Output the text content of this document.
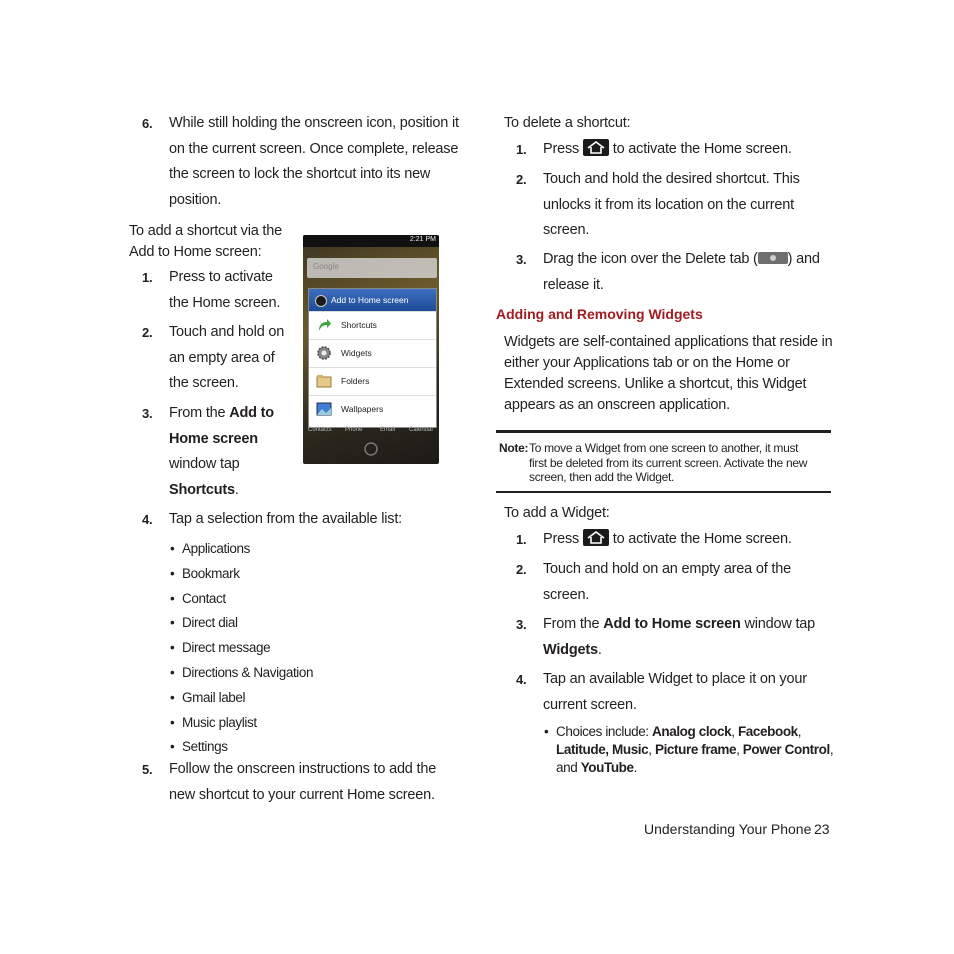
6. While still holding the onscreen icon, position it
on the current screen. Once complete, release
the screen to lock the shortcut into its new
position.
To add a shortcut via the
Add to Home screen:
1. Press to activate
the Home screen.
2. Touch and hold on
an empty area of
the screen.
3. From the Add to
Home screen
window tap
Shortcuts.
4. Tap a selection from the available list:
• Applications
• Bookmark
• Contact
• Direct dial
• Direct message
• Directions & Navigation
• Gmail label
• Music playlist
• Settings
5. Follow the onscreen instructions to add the
new shortcut to your current Home screen.
2:21 PM
Google
Add to Home screen
Shortcuts
Widgets
Folders
Wallpapers
Contacts Phone	Email Calendar
To delete a shortcut:
1. Press to activate the Home screen.
2. Touch and hold the desired shortcut. This
unlocks it from its location on the current
screen.
3. Drag the icon over the Delete tab ( ) and
release it.
Adding and Removing Widgets
Widgets are self-contained applications that reside in
either your Applications tab or on the Home or
Extended screens. Unlike a shortcut, this Widget
appears as an onscreen application.
Note: To move a Widget from one screen to another, it must
first be deleted from its current screen. Activate the new
screen, then add the Widget.
To add a Widget:
1. Press to activate the Home screen.
2. Touch and hold on an empty area of the
screen.
3. From the Add to Home screen window tap
Widgets.
4. Tap an available Widget to place it on your
current screen.
• Choices include: Analog clock, Facebook,
Latitude, Music, Picture frame, Power Control,
and YouTube.
Understanding Your Phone 23
